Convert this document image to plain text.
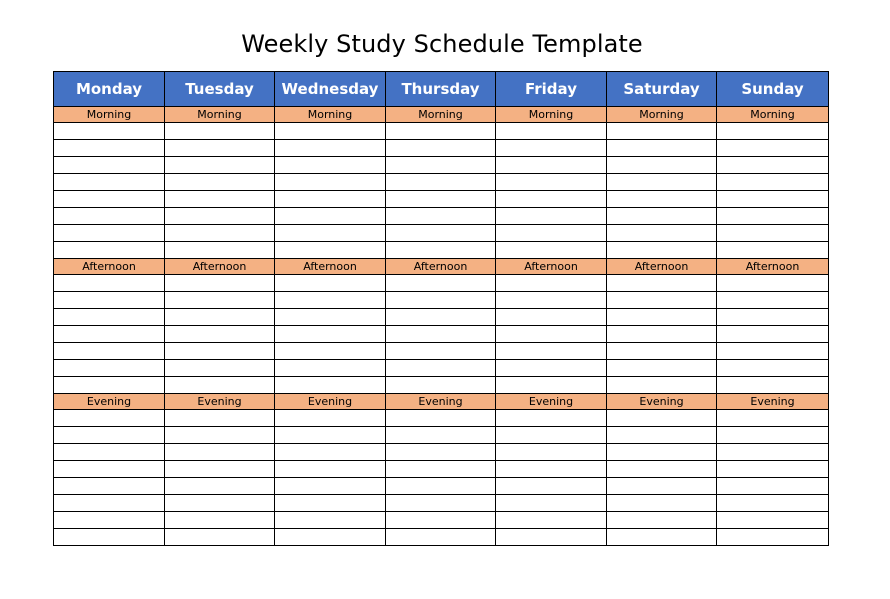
Weekly Study Schedule Template
Monday	Tuesday	Wednesday	Thursday	Friday	Saturday	Sunday
Morning	Morning	Morning	Morning	Morning	Morning	Morning

Afternoon	Afternoon	Afternoon	Afternoon	Afternoon	Afternoon	Afternoon

Evening	Evening	Evening	Evening	Evening	Evening	Evening
